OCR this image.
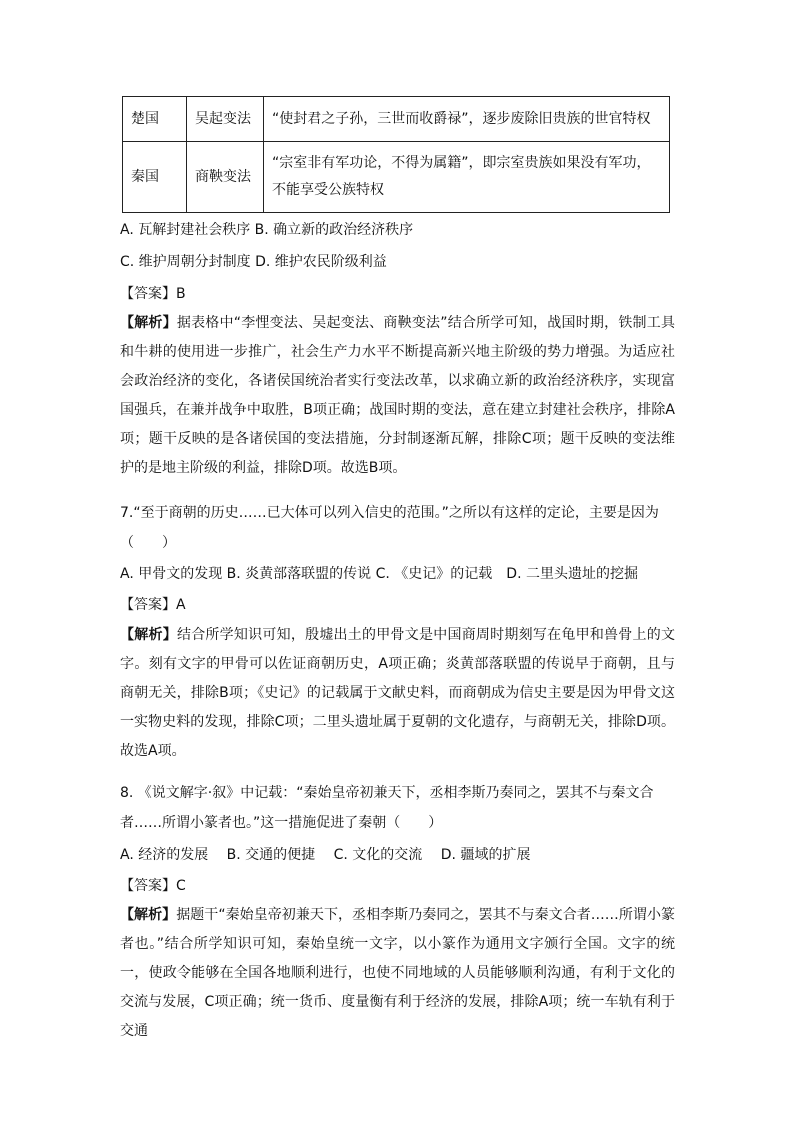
楚国	吴起变法	“使封君之子孙，三世而收爵禄”，逐步废除旧贵族的世官特权
秦国	商鞅变法	“宗室非有军功论，不得为属籍”，即宗室贵族如果没有军功，不能享受公族特权
A. 瓦解封建社会秩序 B. 确立新的政治经济秩序
C. 维护周朝分封制度 D. 维护农民阶级利益
【答案】B

【解析】据表格中“李悝变法、吴起变法、商鞅变法”结合所学可知，战国时期，铁制工具和牛耕的使用进一步推广，社会生产力水平不断提高新兴地主阶级的势力增强。为适应社会政治经济的变化，各诸侯国统治者实行变法改革，以求确立新的政治经济秩序，实现富国强兵，在兼并战争中取胜，B项正确；战国时期的变法，意在建立封建社会秩序，排除A项；题干反映的是各诸侯国的变法措施，分封制逐渐瓦解，排除C项；题干反映的变法维护的是地主阶级的利益，排除D项。故选B项。

7.“至于商朝的历史……已大体可以列入信史的范围。”之所以有这样的定论，主要是因为
（　　）
A. 甲骨文的发现 B. 炎黄部落联盟的传说 C. 《史记》的记载　D. 二里头遗址的挖掘
【答案】A

【解析】结合所学知识可知，殷墟出土的甲骨文是中国商周时期刻写在龟甲和兽骨上的文字。刻有文字的甲骨可以佐证商朝历史，A项正确；炎黄部落联盟的传说早于商朝，且与商朝无关，排除B项；《史记》的记载属于文献史料，而商朝成为信史主要是因为甲骨文这一实物史料的发现，排除C项；二里头遗址属于夏朝的文化遗存，与商朝无关，排除D项。故选A项。

8. 《说文解字·叙》中记载：“秦始皇帝初兼天下，丞相李斯乃奏同之，罢其不与秦文合
者……所谓小篆者也。”这一措施促进了秦朝（　　）
A. 经济的发展　 B. 交通的便捷　 C. 文化的交流　 D. 疆域的扩展
【答案】C

【解析】据题干“秦始皇帝初兼天下，丞相李斯乃奏同之，罢其不与秦文合者……所谓小篆者也。”结合所学知识可知，秦始皇统一文字，以小篆作为通用文字颁行全国。文字的统一，使政令能够在全国各地顺利进行，也使不同地域的人员能够顺利沟通，有利于文化的交流与发展，C项正确；统一货币、度量衡有利于经济的发展，排除A项；统一车轨有利于交通
